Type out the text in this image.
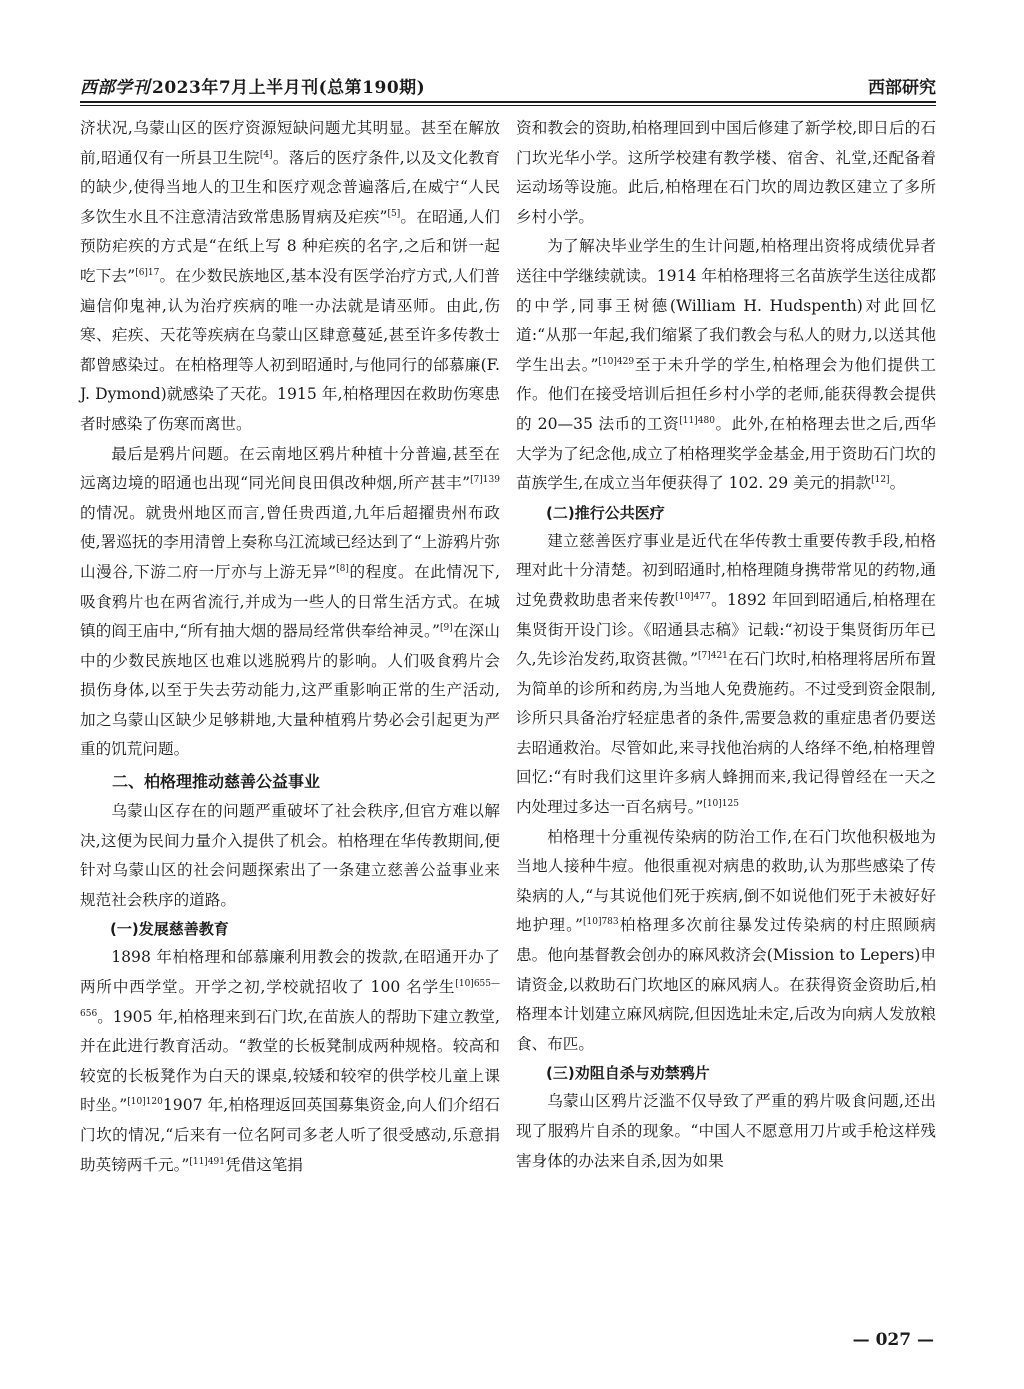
西部学刊 2023年7月上半月刊(总第190期)	西部研究

济状况,乌蒙山区的医疗资源短缺问题尤其明显。甚至在解放前,昭通仅有一所县卫生院[4]。落后的医疗条件,以及文化教育的缺少,使得当地人的卫生和医疗观念普遍落后,在威宁“人民多饮生水且不注意清洁致常患肠胃病及疟疾”[5]。在昭通,人们预防疟疾的方式是“在纸上写 8 种疟疾的名字,之后和饼一起吃下去”$^{[6]17}$。在少数民族地区,基本没有医学治疗方式,人们普遍信仰鬼神,认为治疗疾病的唯一办法就是请巫师。由此,伤寒、疟疾、天花等疾病在乌蒙山区肆意蔓延,甚至许多传教士都曾感染过。在柏格理等人初到昭通时,与他同行的邰慕廉(F. J. Dymond)就感染了天花。1915 年,柏格理因在救助伤寒患者时感染了伤寒而离世。

最后是鸦片问题。在云南地区鸦片种植十分普遍,甚至在远离边境的昭通也出现“同光间良田俱改种烟,所产甚丰”$^{[7]139}$的情况。就贵州地区而言,曾任贵西道,九年后超擢贵州布政使,署巡抚的李用清曾上奏称乌江流域已经达到了“上游鸦片弥山漫谷,下游二府一厅亦与上游无异”[8]的程度。在此情况下,吸食鸦片也在两省流行,并成为一些人的日常生活方式。在城镇的阎王庙中,“所有抽大烟的器局经常供奉给神灵。”[9]在深山中的少数民族地区也难以逃脱鸦片的影响。人们吸食鸦片会损伤身体,以至于失去劳动能力,这严重影响正常的生产活动,加之乌蒙山区缺少足够耕地,大量种植鸦片势必会引起更为严重的饥荒问题。

二、柏格理推动慈善公益事业

乌蒙山区存在的问题严重破坏了社会秩序,但官方难以解决,这便为民间力量介入提供了机会。柏格理在华传教期间,便针对乌蒙山区的社会问题探索出了一条建立慈善公益事业来规范社会秩序的道路。

(一)发展慈善教育

1898 年柏格理和邰慕廉利用教会的拨款,在昭通开办了两所中西学堂。开学之初,学校就招收了 100 名学生$^{[10]655—656}$。1905 年,柏格理来到石门坎,在苗族人的帮助下建立教堂,并在此进行教育活动。“教堂的长板凳制成两种规格。较高和较宽的长板凳作为白天的课桌,较矮和较窄的供学校儿童上课时坐。”$^{[10]120}$1907 年,柏格理返回英国募集资金,向人们介绍石门坎的情况,“后来有一位名阿司多老人听了很受感动,乐意捐助英镑两千元。”$^{[11]491}$凭借这笔捐

资和教会的资助,柏格理回到中国后修建了新学校,即日后的石门坎光华小学。这所学校建有教学楼、宿舍、礼堂,还配备着运动场等设施。此后,柏格理在石门坎的周边教区建立了多所乡村小学。

为了解决毕业学生的生计问题,柏格理出资将成绩优异者送往中学继续就读。1914 年柏格理将三名苗族学生送往成都的中学,同事王树德(William H. Hudspenth)对此回忆道:“从那一年起,我们缩紧了我们教会与私人的财力,以送其他学生出去。”$^{[10]429}$至于未升学的学生,柏格理会为他们提供工作。他们在接受培训后担任乡村小学的老师,能获得教会提供的 20—35 法币的工资$^{[11]480}$。此外,在柏格理去世之后,西华大学为了纪念他,成立了柏格理奖学金基金,用于资助石门坎的苗族学生,在成立当年便获得了 102. 29 美元的捐款[12]。

(二)推行公共医疗

建立慈善医疗事业是近代在华传教士重要传教手段,柏格理对此十分清楚。初到昭通时,柏格理随身携带常见的药物,通过免费救助患者来传教$^{[10]477}$。1892 年回到昭通后,柏格理在集贤街开设门诊。《昭通县志稿》记载:“初设于集贤街历年已久,先诊治发药,取资甚微。”$^{[7]421}$在石门坎时,柏格理将居所布置为简单的诊所和药房,为当地人免费施药。不过受到资金限制,诊所只具备治疗轻症患者的条件,需要急救的重症患者仍要送去昭通救治。尽管如此,来寻找他治病的人络绎不绝,柏格理曾回忆:“有时我们这里许多病人蜂拥而来,我记得曾经在一天之内处理过多达一百名病号。”$^{[10]125}$

柏格理十分重视传染病的防治工作,在石门坎他积极地为当地人接种牛痘。他很重视对病患的救助,认为那些感染了传染病的人,“与其说他们死于疾病,倒不如说他们死于未被好好地护理。”$^{[10]783}$柏格理多次前往暴发过传染病的村庄照顾病患。他向基督教会创办的麻风救济会(Mission to Lepers)申请资金,以救助石门坎地区的麻风病人。在获得资金资助后,柏格理本计划建立麻风病院,但因选址未定,后改为向病人发放粮食、布匹。

(三)劝阻自杀与劝禁鸦片

乌蒙山区鸦片泛滥不仅导致了严重的鸦片吸食问题,还出现了服鸦片自杀的现象。“中国人不愿意用刀片或手枪这样残害身体的办法来自杀,因为如果

— 027 —
